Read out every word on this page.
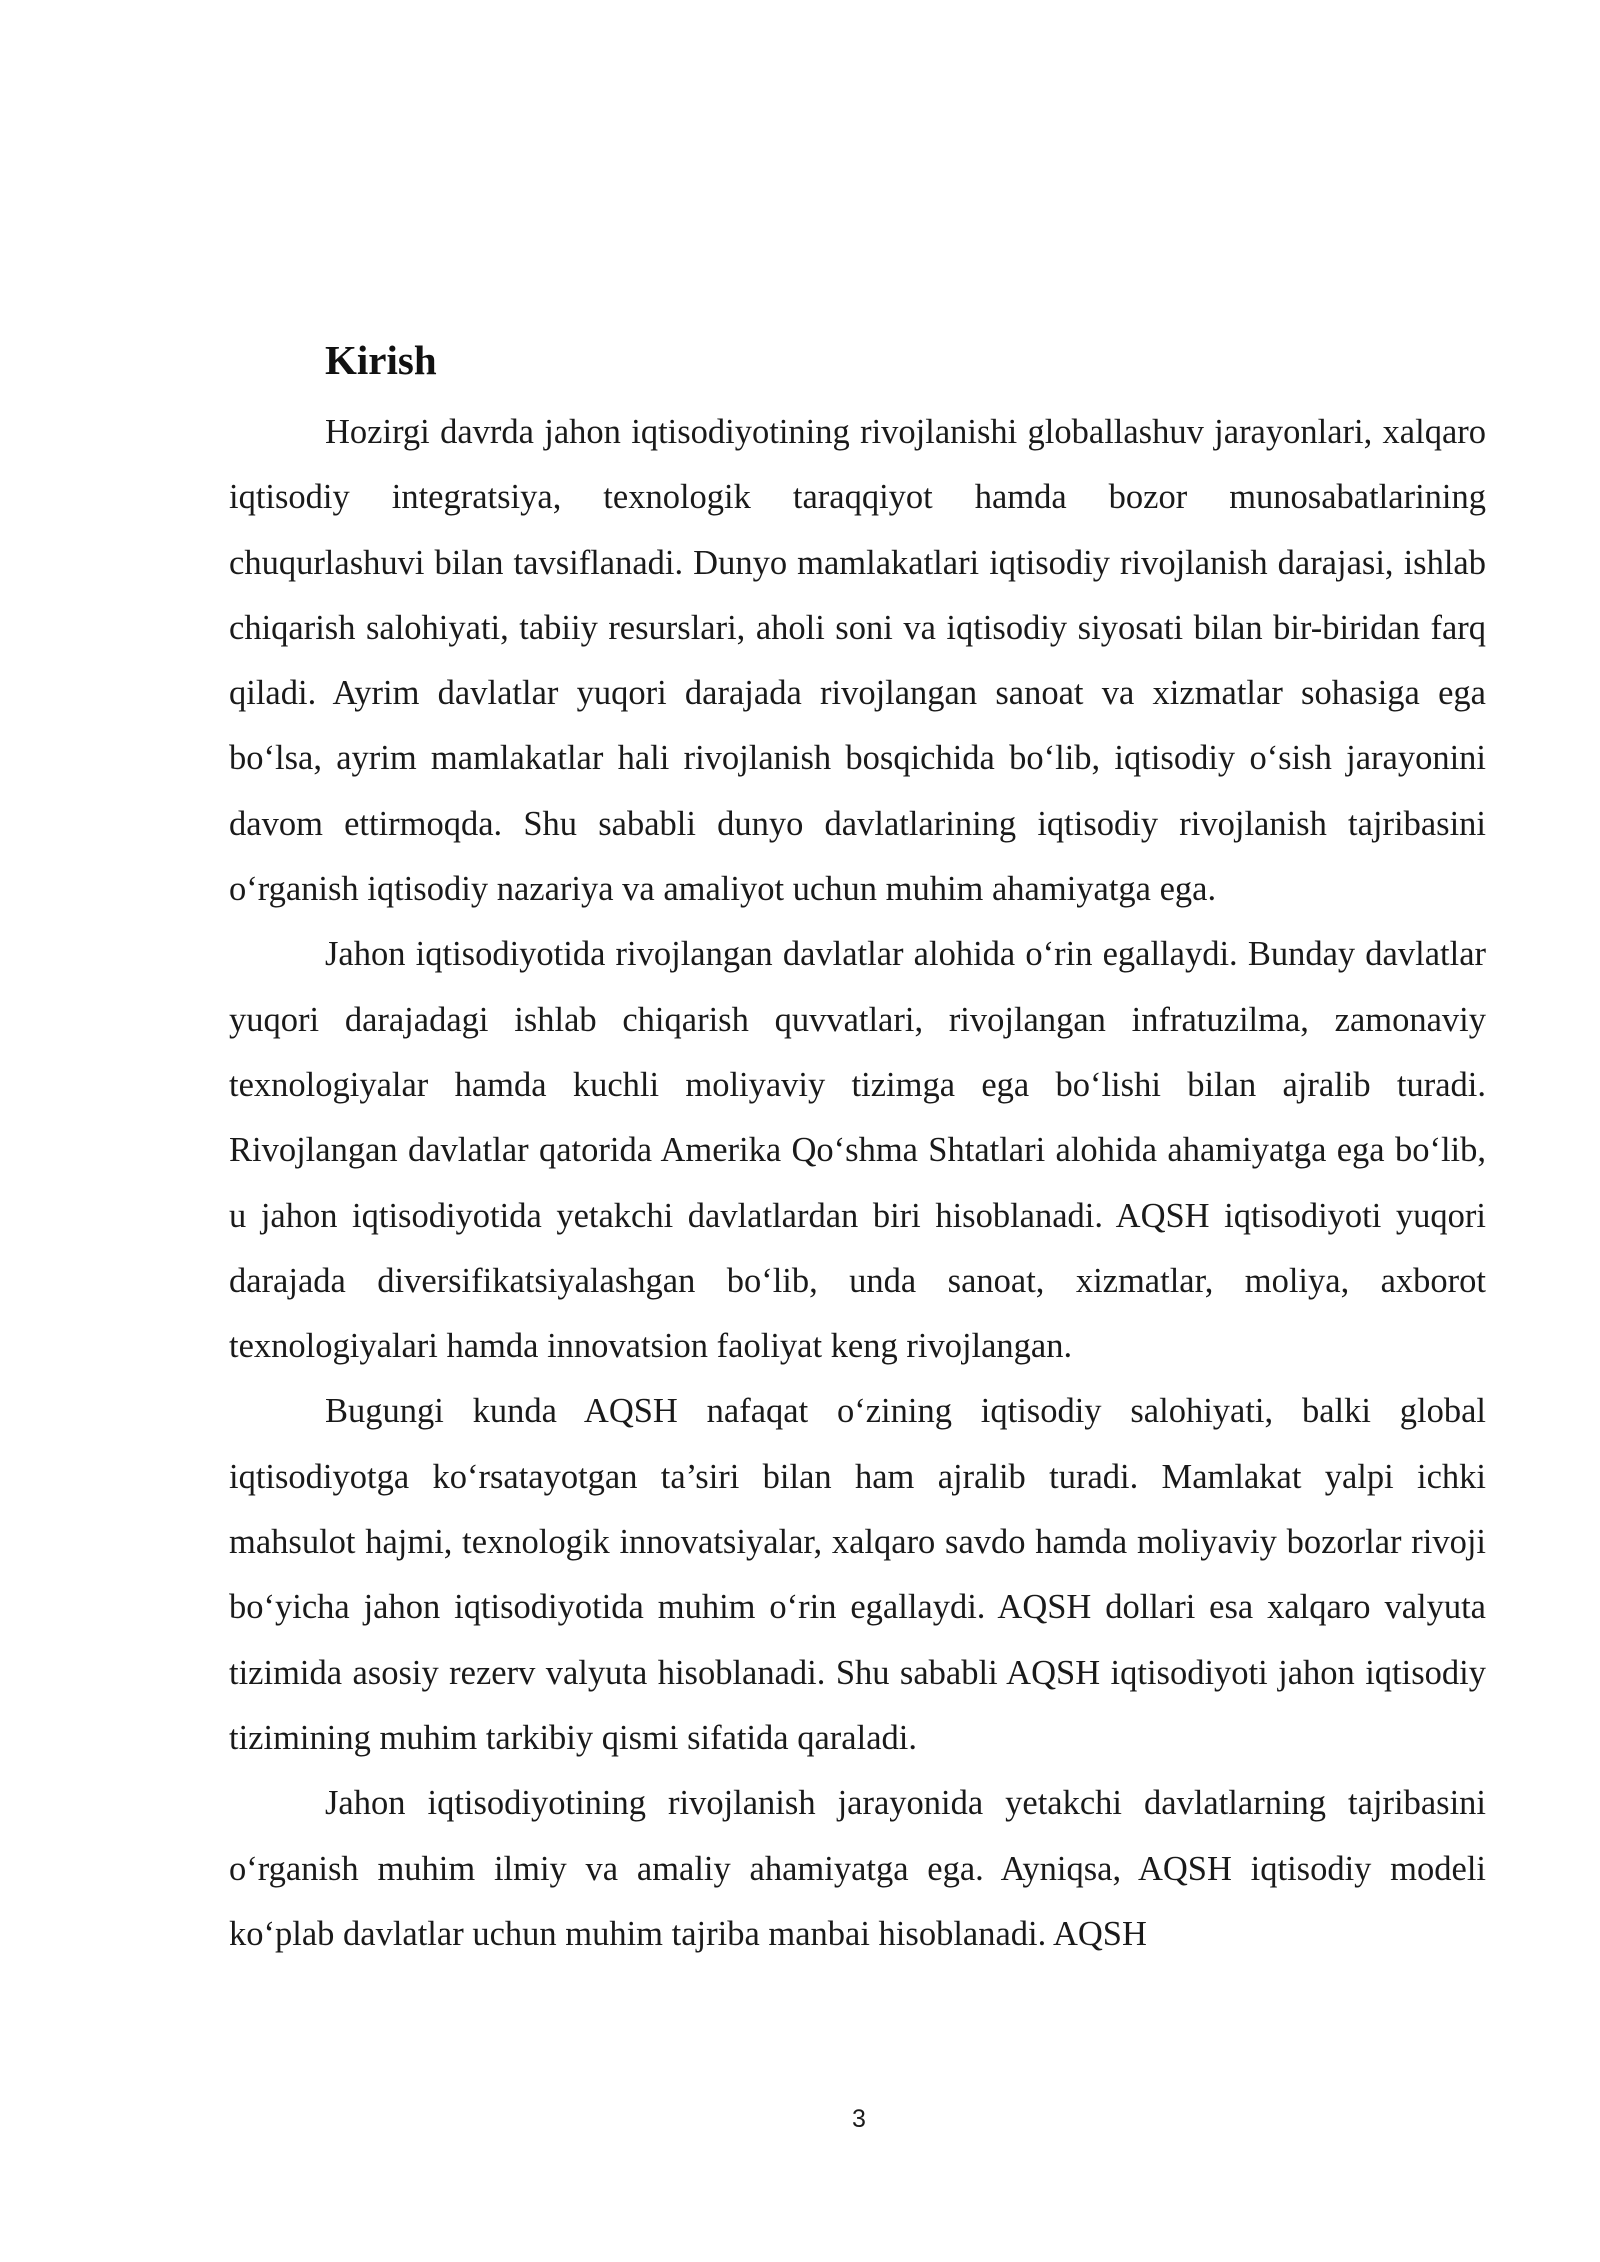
Kirish

Hozirgi davrda jahon iqtisodiyotining rivojlanishi globallashuv jarayonlari, xalqaro iqtisodiy integratsiya, texnologik taraqqiyot hamda bozor munosabatlarining chuqurlashuvi bilan tavsiflanadi. Dunyo mamlakatlari iqtisodiy rivojlanish darajasi, ishlab chiqarish salohiyati, tabiiy resurslari, aholi soni va iqtisodiy siyosati bilan bir-biridan farq qiladi. Ayrim davlatlar yuqori darajada rivojlangan sanoat va xizmatlar sohasiga ega bo‘lsa, ayrim mamlakatlar hali rivojlanish bosqichida bo‘lib, iqtisodiy o‘sish jarayonini davom ettirmoqda. Shu sababli dunyo davlatlarining iqtisodiy rivojlanish tajribasini o‘rganish iqtisodiy nazariya va amaliyot uchun muhim ahamiyatga ega.

Jahon iqtisodiyotida rivojlangan davlatlar alohida o‘rin egallaydi. Bunday davlatlar yuqori darajadagi ishlab chiqarish quvvatlari, rivojlangan infratuzilma, zamonaviy texnologiyalar hamda kuchli moliyaviy tizimga ega bo‘lishi bilan ajralib turadi. Rivojlangan davlatlar qatorida Amerika Qo‘shma Shtatlari alohida ahamiyatga ega bo‘lib, u jahon iqtisodiyotida yetakchi davlatlardan biri hisoblanadi. AQSH iqtisodiyoti yuqori darajada diversifikatsiyalashgan bo‘lib, unda sanoat, xizmatlar, moliya, axborot texnologiyalari hamda innovatsion faoliyat keng rivojlangan.

Bugungi kunda AQSH nafaqat o‘zining iqtisodiy salohiyati, balki global iqtisodiyotga ko‘rsatayotgan ta’siri bilan ham ajralib turadi. Mamlakat yalpi ichki mahsulot hajmi, texnologik innovatsiyalar, xalqaro savdo hamda moliyaviy bozorlar rivoji bo‘yicha jahon iqtisodiyotida muhim o‘rin egallaydi. AQSH dollari esa xalqaro valyuta tizimida asosiy rezerv valyuta hisoblanadi. Shu sababli AQSH iqtisodiyoti jahon iqtisodiy tizimining muhim tarkibiy qismi sifatida qaraladi.

Jahon iqtisodiyotining rivojlanish jarayonida yetakchi davlatlarning tajribasini o‘rganish muhim ilmiy va amaliy ahamiyatga ega. Ayniqsa, AQSH iqtisodiy modeli ko‘plab davlatlar uchun muhim tajriba manbai hisoblanadi. AQSH

3
